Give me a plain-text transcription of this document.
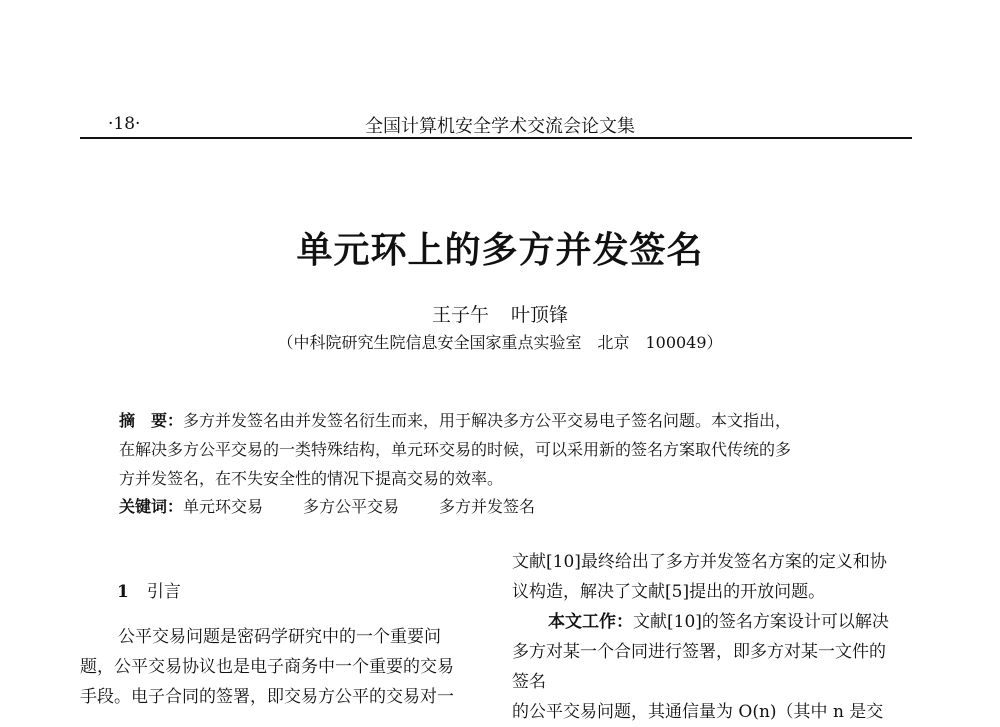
·18·	全国计算机安全学术交流会论文集
单元环上的多方并发签名
王子午 叶顶锋
（中科院研究生院信息安全国家重点实验室　北京　100049）
摘　要：多方并发签名由并发签名衍生而来，用于解决多方公平交易电子签名问题。本文指出，
在解决多方公平交易的一类特殊结构，单元环交易的时候，可以采用新的签名方案取代传统的多
方并发签名，在不失安全性的情况下提高交易的效率。
关键词：单元环交易	多方公平交易	多方并发签名
1 引言
公平交易问题是密码学研究中的一个重要问
题，公平交易协议也是电子商务中一个重要的交易
手段。电子合同的签署，即交易方公平的交易对一
文献[10]最终给出了多方并发签名方案的定义和协
议构造，解决了文献[5]提出的开放问题。
本文工作：文献[10]的签名方案设计可以解决
多方对某一个合同进行签署，即多方对某一文件的
签名
的公平交易问题，其通信量为 O(n)（其中 n 是交
